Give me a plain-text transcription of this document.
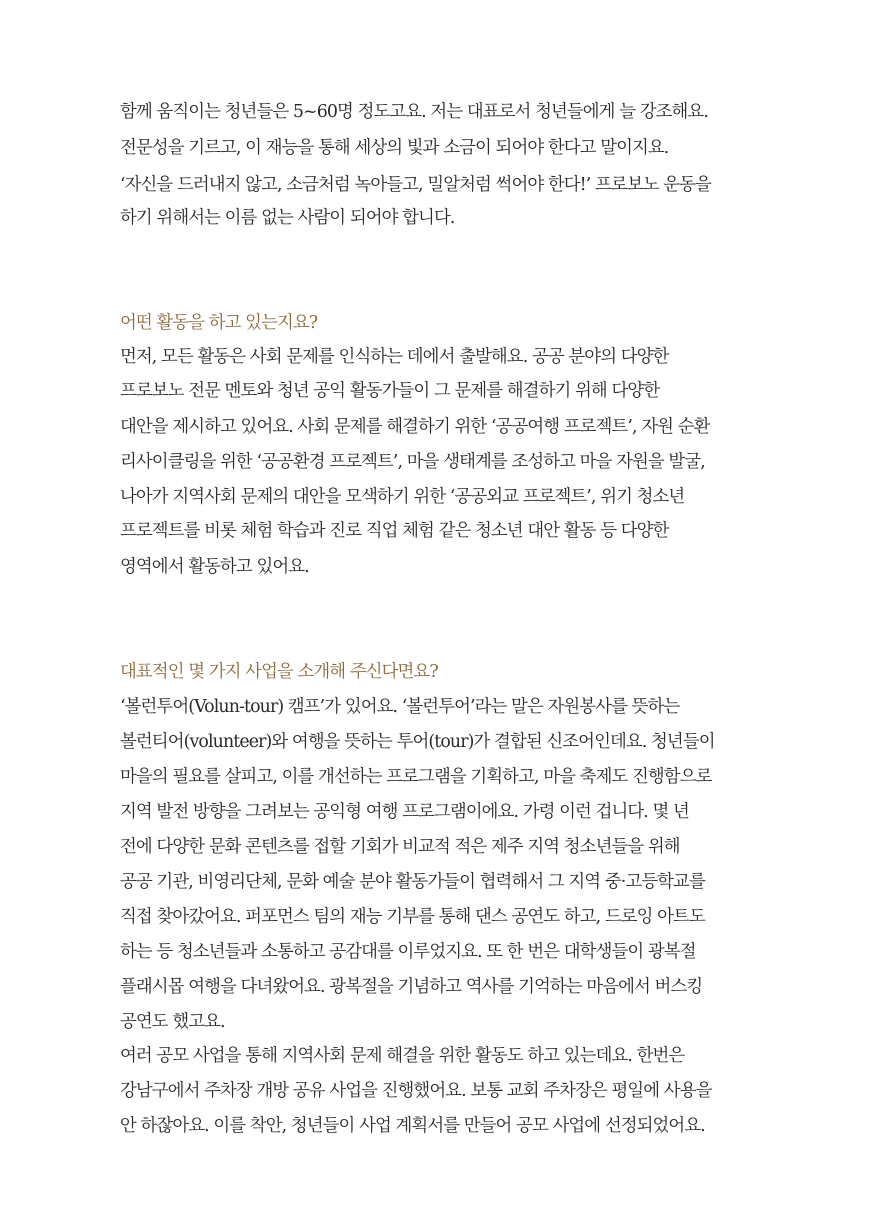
함께 움직이는 청년들은 5~60명 정도고요. 저는 대표로서 청년들에게 늘 강조해요.
전문성을 기르고, 이 재능을 통해 세상의 빛과 소금이 되어야 한다고 말이지요.
‘자신을 드러내지 않고, 소금처럼 녹아들고, 밀알처럼 썩어야 한다!’ 프로보노 운동을
하기 위해서는 이름 없는 사람이 되어야 합니다.
어떤 활동을 하고 있는지요?
먼저, 모든 활동은 사회 문제를 인식하는 데에서 출발해요. 공공 분야의 다양한
프로보노 전문 멘토와 청년 공익 활동가들이 그 문제를 해결하기 위해 다양한
대안을 제시하고 있어요. 사회 문제를 해결하기 위한 ‘공공여행 프로젝트’, 자원 순환
리사이클링을 위한 ‘공공환경 프로젝트’, 마을 생태계를 조성하고 마을 자원을 발굴,
나아가 지역사회 문제의 대안을 모색하기 위한 ‘공공외교 프로젝트’, 위기 청소년
프로젝트를 비롯 체험 학습과 진로 직업 체험 같은 청소년 대안 활동 등 다양한
영역에서 활동하고 있어요.
대표적인 몇 가지 사업을 소개해 주신다면요?
‘볼런투어(Volun-tour) 캠프’가 있어요. ‘볼런투어’라는 말은 자원봉사를 뜻하는
볼런티어(volunteer)와 여행을 뜻하는 투어(tour)가 결합된 신조어인데요. 청년들이
마을의 필요를 살피고, 이를 개선하는 프로그램을 기획하고, 마을 축제도 진행함으로
지역 발전 방향을 그려보는 공익형 여행 프로그램이에요. 가령 이런 겁니다. 몇 년
전에 다양한 문화 콘텐츠를 접할 기회가 비교적 적은 제주 지역 청소년들을 위해
공공 기관, 비영리단체, 문화 예술 분야 활동가들이 협력해서 그 지역 중·고등학교를
직접 찾아갔어요. 퍼포먼스 팀의 재능 기부를 통해 댄스 공연도 하고, 드로잉 아트도
하는 등 청소년들과 소통하고 공감대를 이루었지요. 또 한 번은 대학생들이 광복절
플래시몹 여행을 다녀왔어요. 광복절을 기념하고 역사를 기억하는 마음에서 버스킹
공연도 했고요.
여러 공모 사업을 통해 지역사회 문제 해결을 위한 활동도 하고 있는데요. 한번은
강남구에서 주차장 개방 공유 사업을 진행했어요. 보통 교회 주차장은 평일에 사용을
안 하잖아요. 이를 착안, 청년들이 사업 계획서를 만들어 공모 사업에 선정되었어요.
